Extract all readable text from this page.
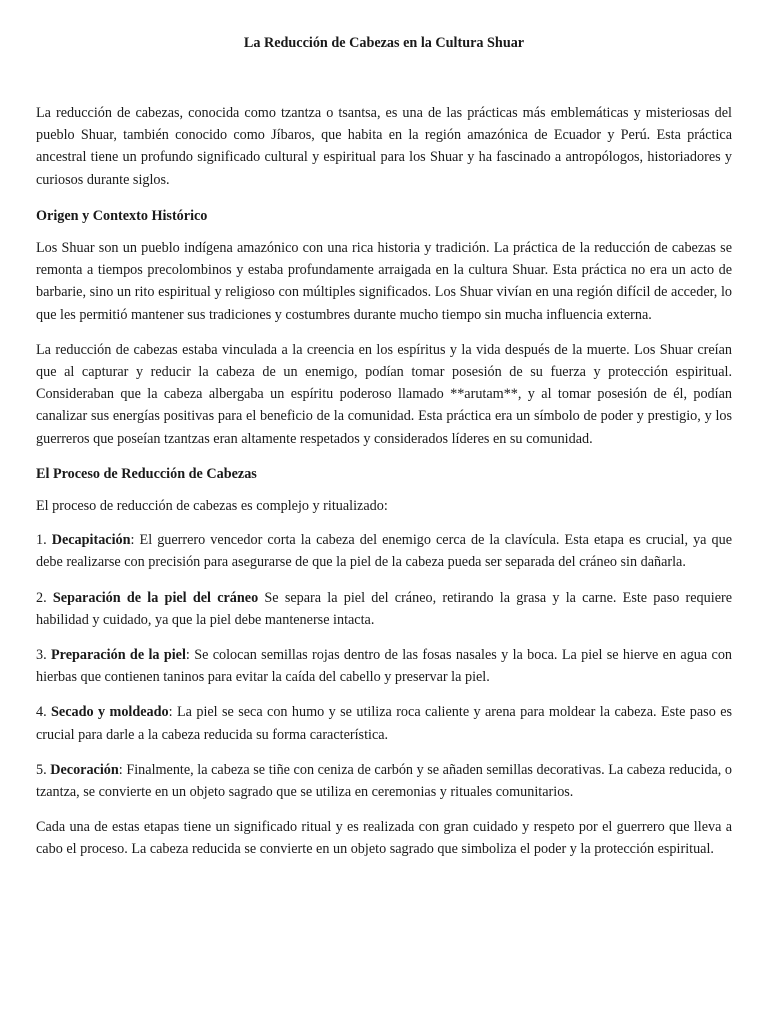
La Reducción de Cabezas en la Cultura Shuar

La reducción de cabezas, conocida como tzantza o tsantsa, es una de las prácticas más emblemáticas y misteriosas del pueblo Shuar, también conocido como Jíbaros, que habita en la región amazónica de Ecuador y Perú. Esta práctica ancestral tiene un profundo significado cultural y espiritual para los Shuar y ha fascinado a antropólogos, historiadores y curiosos durante siglos.

Origen y Contexto Histórico

Los Shuar son un pueblo indígena amazónico con una rica historia y tradición. La práctica de la reducción de cabezas se remonta a tiempos precolombinos y estaba profundamente arraigada en la cultura Shuar. Esta práctica no era un acto de barbarie, sino un rito espiritual y religioso con múltiples significados. Los Shuar vivían en una región difícil de acceder, lo que les permitió mantener sus tradiciones y costumbres durante mucho tiempo sin mucha influencia externa.

La reducción de cabezas estaba vinculada a la creencia en los espíritus y la vida después de la muerte. Los Shuar creían que al capturar y reducir la cabeza de un enemigo, podían tomar posesión de su fuerza y protección espiritual. Consideraban que la cabeza albergaba un espíritu poderoso llamado **arutam**, y al tomar posesión de él, podían canalizar sus energías positivas para el beneficio de la comunidad. Esta práctica era un símbolo de poder y prestigio, y los guerreros que poseían tzantzas eran altamente respetados y considerados líderes en su comunidad.

El Proceso de Reducción de Cabezas

El proceso de reducción de cabezas es complejo y ritualizado:

1. Decapitación: El guerrero vencedor corta la cabeza del enemigo cerca de la clavícula. Esta etapa es crucial, ya que debe realizarse con precisión para asegurarse de que la piel de la cabeza pueda ser separada del cráneo sin dañarla.

2. Separación de la piel del cráneo Se separa la piel del cráneo, retirando la grasa y la carne. Este paso requiere habilidad y cuidado, ya que la piel debe mantenerse intacta.

3. Preparación de la piel: Se colocan semillas rojas dentro de las fosas nasales y la boca. La piel se hierve en agua con hierbas que contienen taninos para evitar la caída del cabello y preservar la piel.

4. Secado y moldeado: La piel se seca con humo y se utiliza roca caliente y arena para moldear la cabeza. Este paso es crucial para darle a la cabeza reducida su forma característica.

5. Decoración: Finalmente, la cabeza se tiñe con ceniza de carbón y se añaden semillas decorativas. La cabeza reducida, o tzantza, se convierte en un objeto sagrado que se utiliza en ceremonias y rituales comunitarios.

Cada una de estas etapas tiene un significado ritual y es realizada con gran cuidado y respeto por el guerrero que lleva a cabo el proceso. La cabeza reducida se convierte en un objeto sagrado que simboliza el poder y la protección espiritual.
